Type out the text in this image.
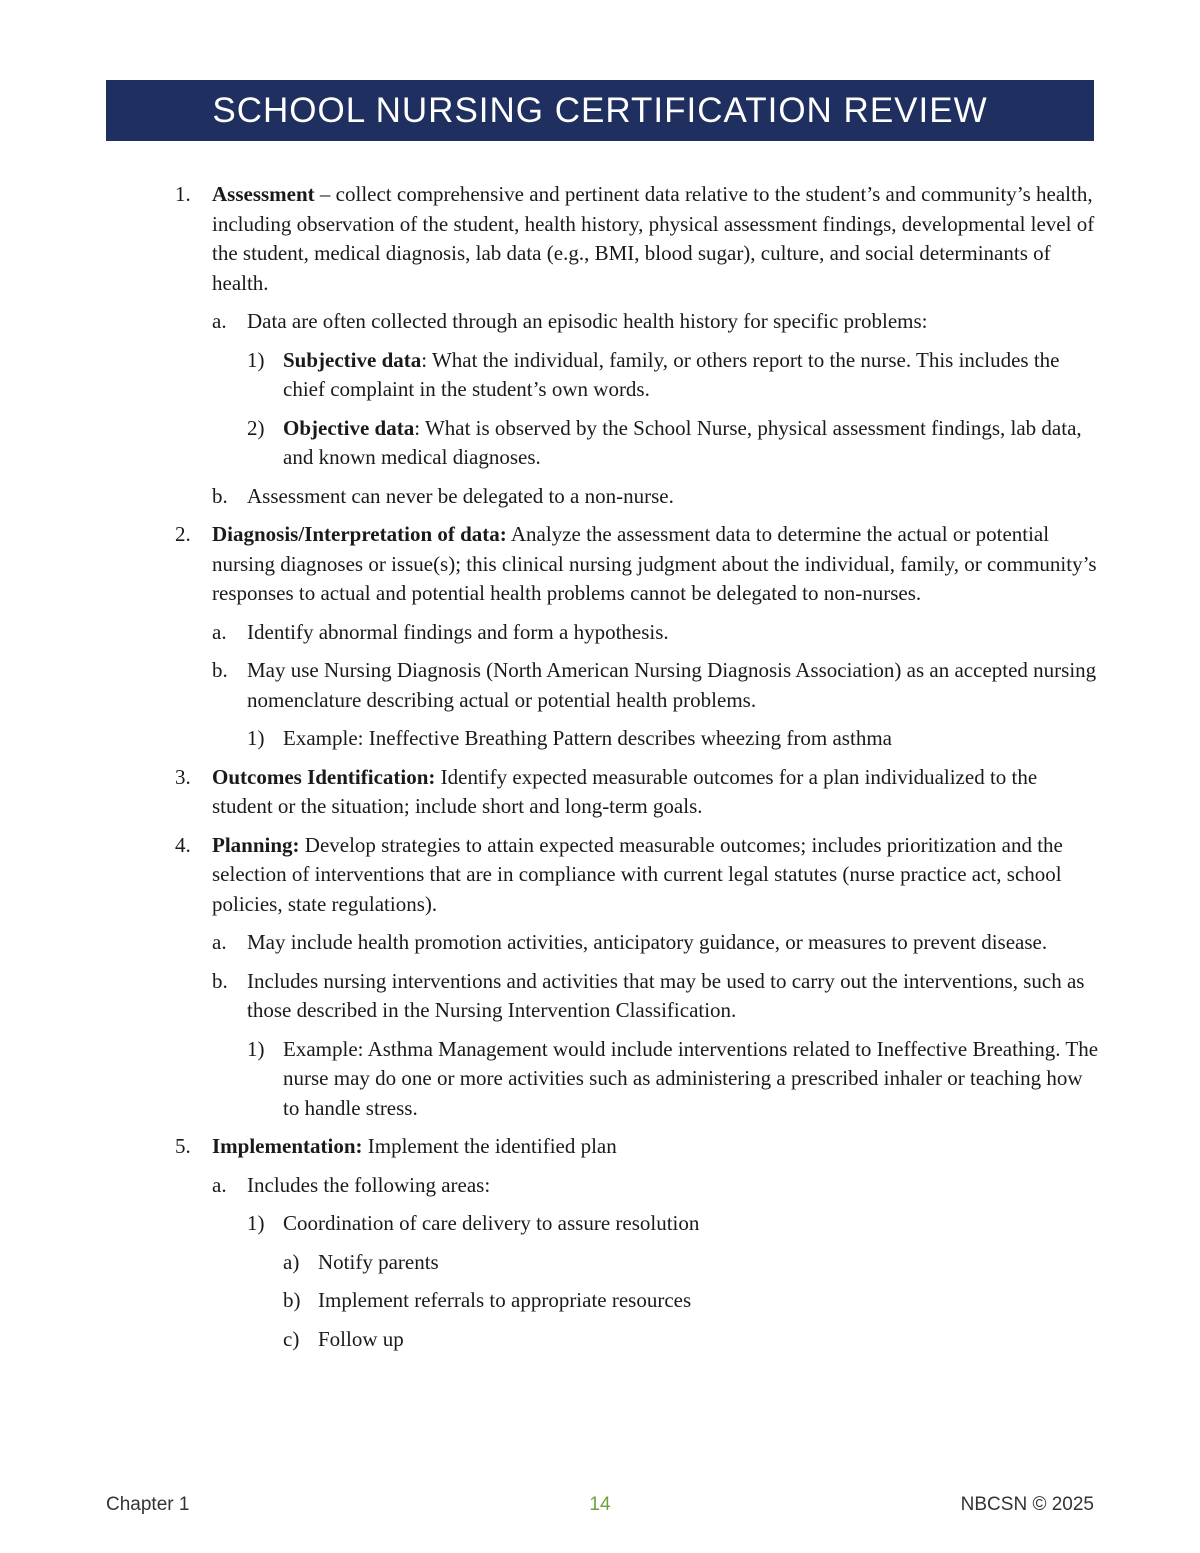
SCHOOL NURSING CERTIFICATION REVIEW
1.	Assessment – collect comprehensive and pertinent data relative to the student’s and community’s health, including observation of the student, health history, physical assessment findings, developmental level of the student, medical diagnosis, lab data (e.g., BMI, blood sugar), culture, and social determinants of health.
a. Data are often collected through an episodic health history for specific problems:
1) Subjective data: What the individual, family, or others report to the nurse. This includes the chief complaint in the student’s own words.
2) Objective data: What is observed by the School Nurse, physical assessment findings, lab data, and known medical diagnoses.
b. Assessment can never be delegated to a non-nurse.
2.	Diagnosis/Interpretation of data: Analyze the assessment data to determine the actual or potential nursing diagnoses or issue(s); this clinical nursing judgment about the individual, family, or community’s responses to actual and potential health problems cannot be delegated to non-nurses.
a. Identify abnormal findings and form a hypothesis.
b. May use Nursing Diagnosis (North American Nursing Diagnosis Association) as an accepted nursing nomenclature describing actual or potential health problems.
1) Example: Ineffective Breathing Pattern describes wheezing from asthma
3.	Outcomes Identification: Identify expected measurable outcomes for a plan individualized to the student or the situation; include short and long-term goals.
4.	Planning: Develop strategies to attain expected measurable outcomes; includes prioritization and the selection of interventions that are in compliance with current legal statutes (nurse practice act, school policies, state regulations).
a. May include health promotion activities, anticipatory guidance, or measures to prevent disease.
b. Includes nursing interventions and activities that may be used to carry out the interventions, such as those described in the Nursing Intervention Classification.
1) Example: Asthma Management would include interventions related to Ineffective Breathing. The nurse may do one or more activities such as administering a prescribed inhaler or teaching how to handle stress.
5.	Implementation: Implement the identified plan
a. Includes the following areas:
1) Coordination of care delivery to assure resolution
a) Notify parents
b) Implement referrals to appropriate resources
c) Follow up
Chapter 1	14	NBCSN © 2025
